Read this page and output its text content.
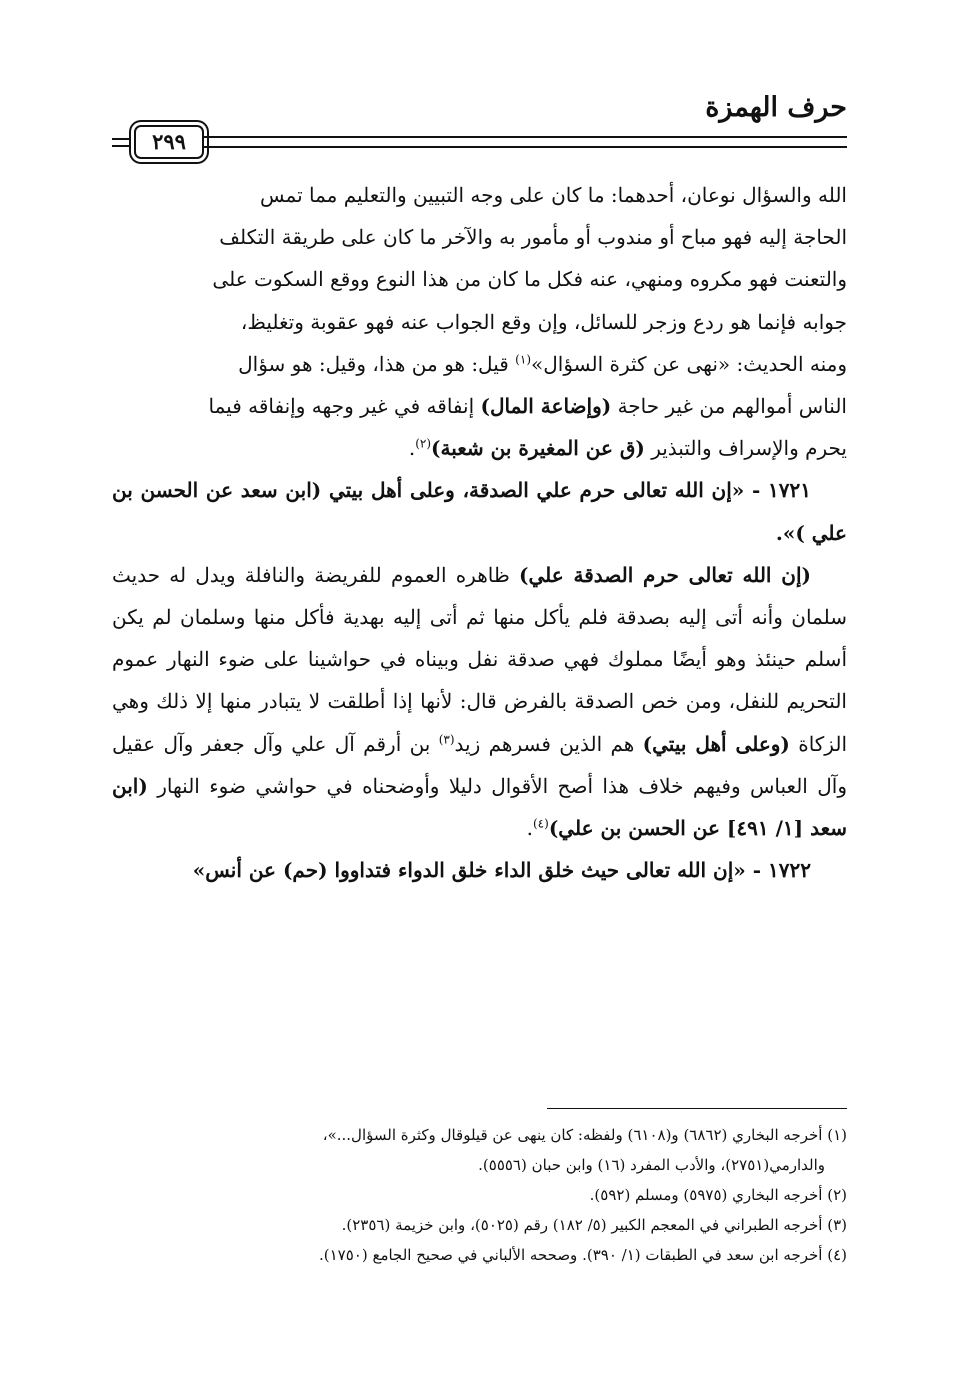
حرف الهمزة
٢٩٩

الله والسؤال نوعان، أحدهما: ما كان على وجه التبيين والتعليم مما تمس

الحاجة إليه فهو مباح أو مندوب أو مأمور به والآخر ما كان على طريقة التكلف

والتعنت فهو مكروه ومنهي، عنه فكل ما كان من هذا النوع ووقع السكوت على

جوابه فإنما هو ردع وزجر للسائل، وإن وقع الجواب عنه فهو عقوبة وتغليظ،

ومنه الحديث: «نهى عن كثرة السؤال»$^{(١)}$ قيل: هو من هذا، وقيل: هو سؤال

الناس أموالهم من غير حاجة (وإضاعة المال) إنفاقه في غير وجهه وإنفاقه فيما

يحرم والإسراف والتبذير (ق عن المغيرة بن شعبة)$^{(٢)}$.

١٧٢١ - «إن الله تعالى حرم علي الصدقة، وعلى أهل بيتي (ابن سعد عن الحسن بن علي )».

(إن الله تعالى حرم الصدقة علي) ظاهره العموم للفريضة والنافلة ويدل له حديث سلمان وأنه أتى إليه بصدقة فلم يأكل منها ثم أتى إليه بهدية فأكل منها وسلمان لم يكن أسلم حينئذ وهو أيضًا مملوك فهي صدقة نفل وبيناه في حواشينا على ضوء النهار عموم التحريم للنفل، ومن خص الصدقة بالفرض قال: لأنها إذا أطلقت لا يتبادر منها إلا ذلك وهي الزكاة (وعلى أهل بيتي) هم الذين فسرهم زيد$^{(٣)}$ بن أرقم آل علي وآل جعفر وآل عقيل وآل العباس وفيهم خلاف هذا أصح الأقوال دليلا وأوضحناه في حواشي ضوء النهار (ابن سعد [١/ ٤٩١] عن الحسن بن علي)$^{(٤)}$.

١٧٢٢ - «إن الله تعالى حيث خلق الداء خلق الدواء فتداووا (حم) عن أنس»

(١) أخرجه البخاري (٦٨٦٢) و(٦١٠٨) ولفظه: كان ينهى عن قيلوقال وكثرة السؤال...»،

والدارمي(٢٧٥١)، والأدب المفرد (١٦) وابن حبان (٥٥٥٦).

(٢) أخرجه البخاري (٥٩٧٥) ومسلم (٥٩٢).

(٣) أخرجه الطبراني في المعجم الكبير (٥/ ١٨٢) رقم (٥٠٢٥)، وابن خزيمة (٢٣٥٦).

(٤) أخرجه ابن سعد في الطبقات (١/ ٣٩٠). وصححه الألباني في صحيح الجامع (١٧٥٠).
